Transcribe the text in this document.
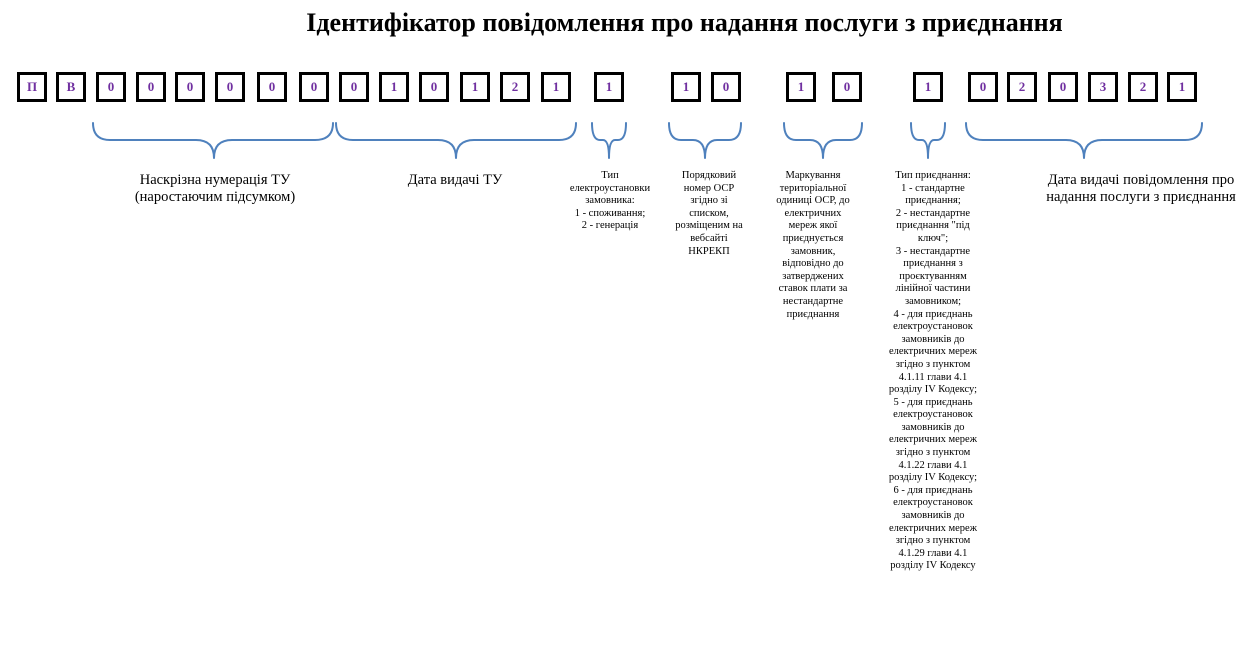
Ідентифікатор повідомлення про надання послуги з приєднання
П	В	0	0	0	0	0	0	0	1	0	1	2	1	1	1	0	1	0	1	0	2	0	3	2	1
Наскрізна нумерація ТУ
(наростаючим підсумком)
Дата видачі ТУ	Тип
електроустановки
замовника:
1 - споживання;
2 - генерація
Порядковий
номер ОСР
згідно зі
списком,
розміщеним на
вебсайті
НКРЕКП
Маркування
територіальної
одиниці ОСР, до
електричних
мереж якої
приєднується
замовник,
відповідно до
затверджених
ставок плати за
нестандартне
приєднання
Тип приєднання:
1 - стандартне
приєднання;
2 - нестандартне
приєднання "під
ключ";
3 - нестандартне
приєднання з
проєктуванням
лінійної частини
замовником;
4 - для приєднань
електроустановок
замовників до
електричних мереж
згідно з пунктом
4.1.11 глави 4.1
розділу IV Кодексу;
5 - для приєднань
електроустановок
замовників до
електричних мереж
згідно з пунктом
4.1.22 глави 4.1
розділу IV Кодексу;
6 - для приєднань
електроустановок
замовників до
електричних мереж
згідно з пунктом
4.1.29 глави 4.1
розділу IV Кодексу
Дата видачі повідомлення про
надання послуги з приєднання
